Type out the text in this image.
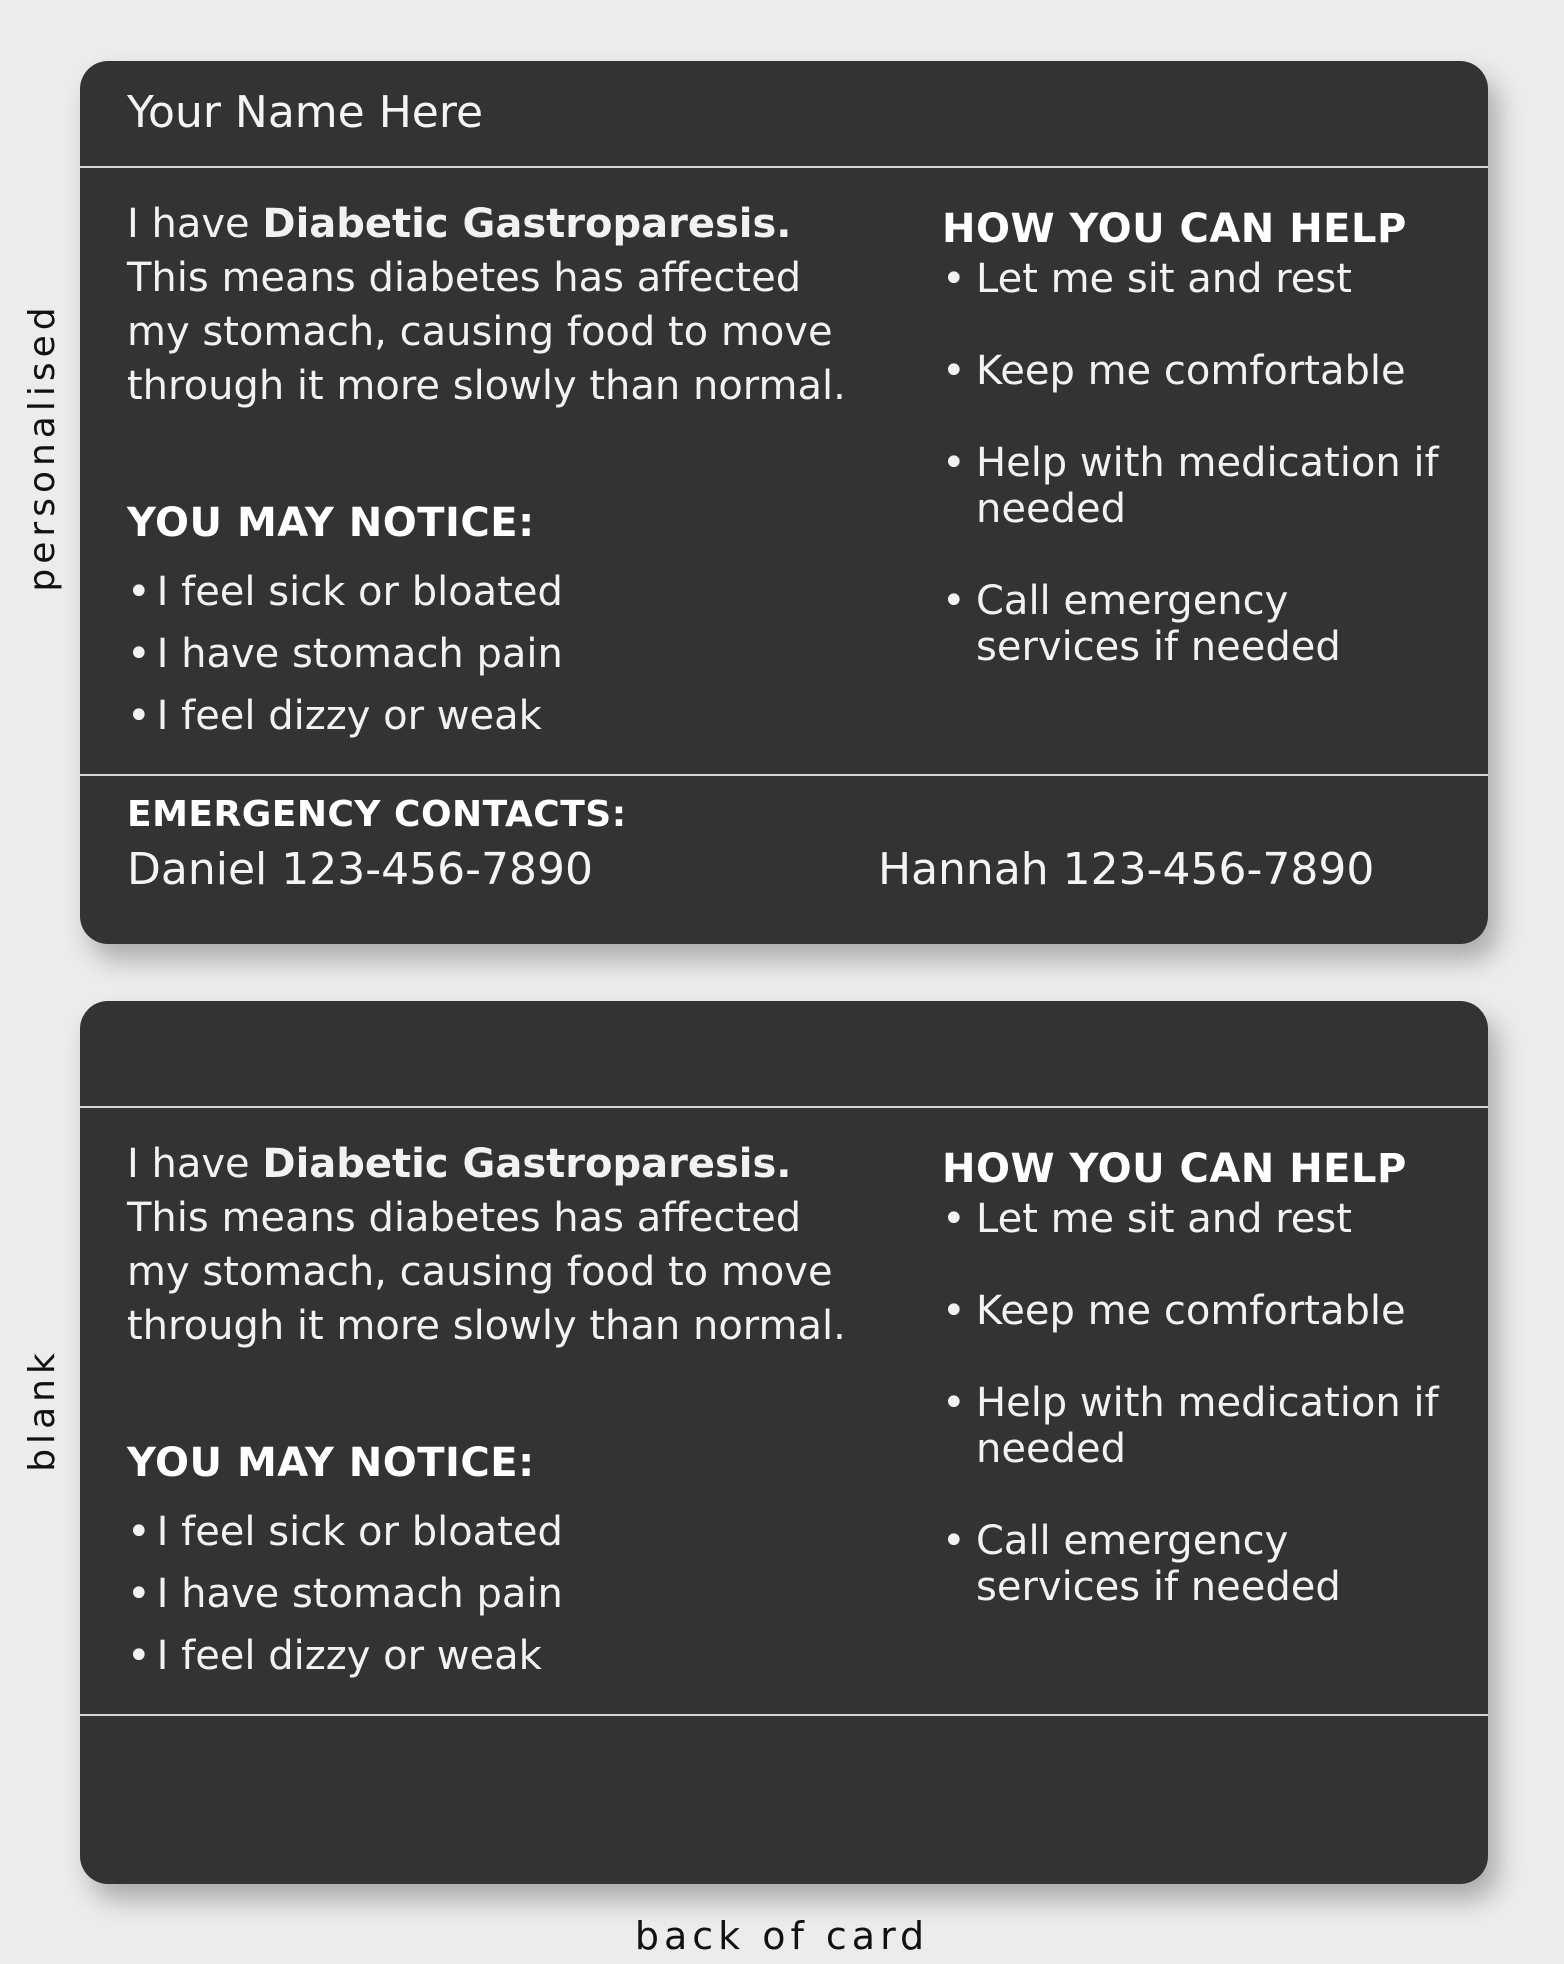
personalised
blank
Your Name Here
I have Diabetic Gastroparesis. This means diabetes has affected my stomach, causing food to move through it more slowly than normal.
YOU MAY NOTICE:
• I feel sick or bloated
• I have stomach pain
• I feel dizzy or weak
HOW YOU CAN HELP
• Let me sit and rest
• Keep me comfortable
• Help with medication if needed
• Call emergency services if needed
EMERGENCY CONTACTS:
Daniel 123-456-7890	Hannah 123-456-7890
I have Diabetic Gastroparesis. This means diabetes has affected my stomach, causing food to move through it more slowly than normal.
YOU MAY NOTICE:
• I feel sick or bloated
• I have stomach pain
• I feel dizzy or weak
HOW YOU CAN HELP
• Let me sit and rest
• Keep me comfortable
• Help with medication if needed
• Call emergency services if needed
back of card
